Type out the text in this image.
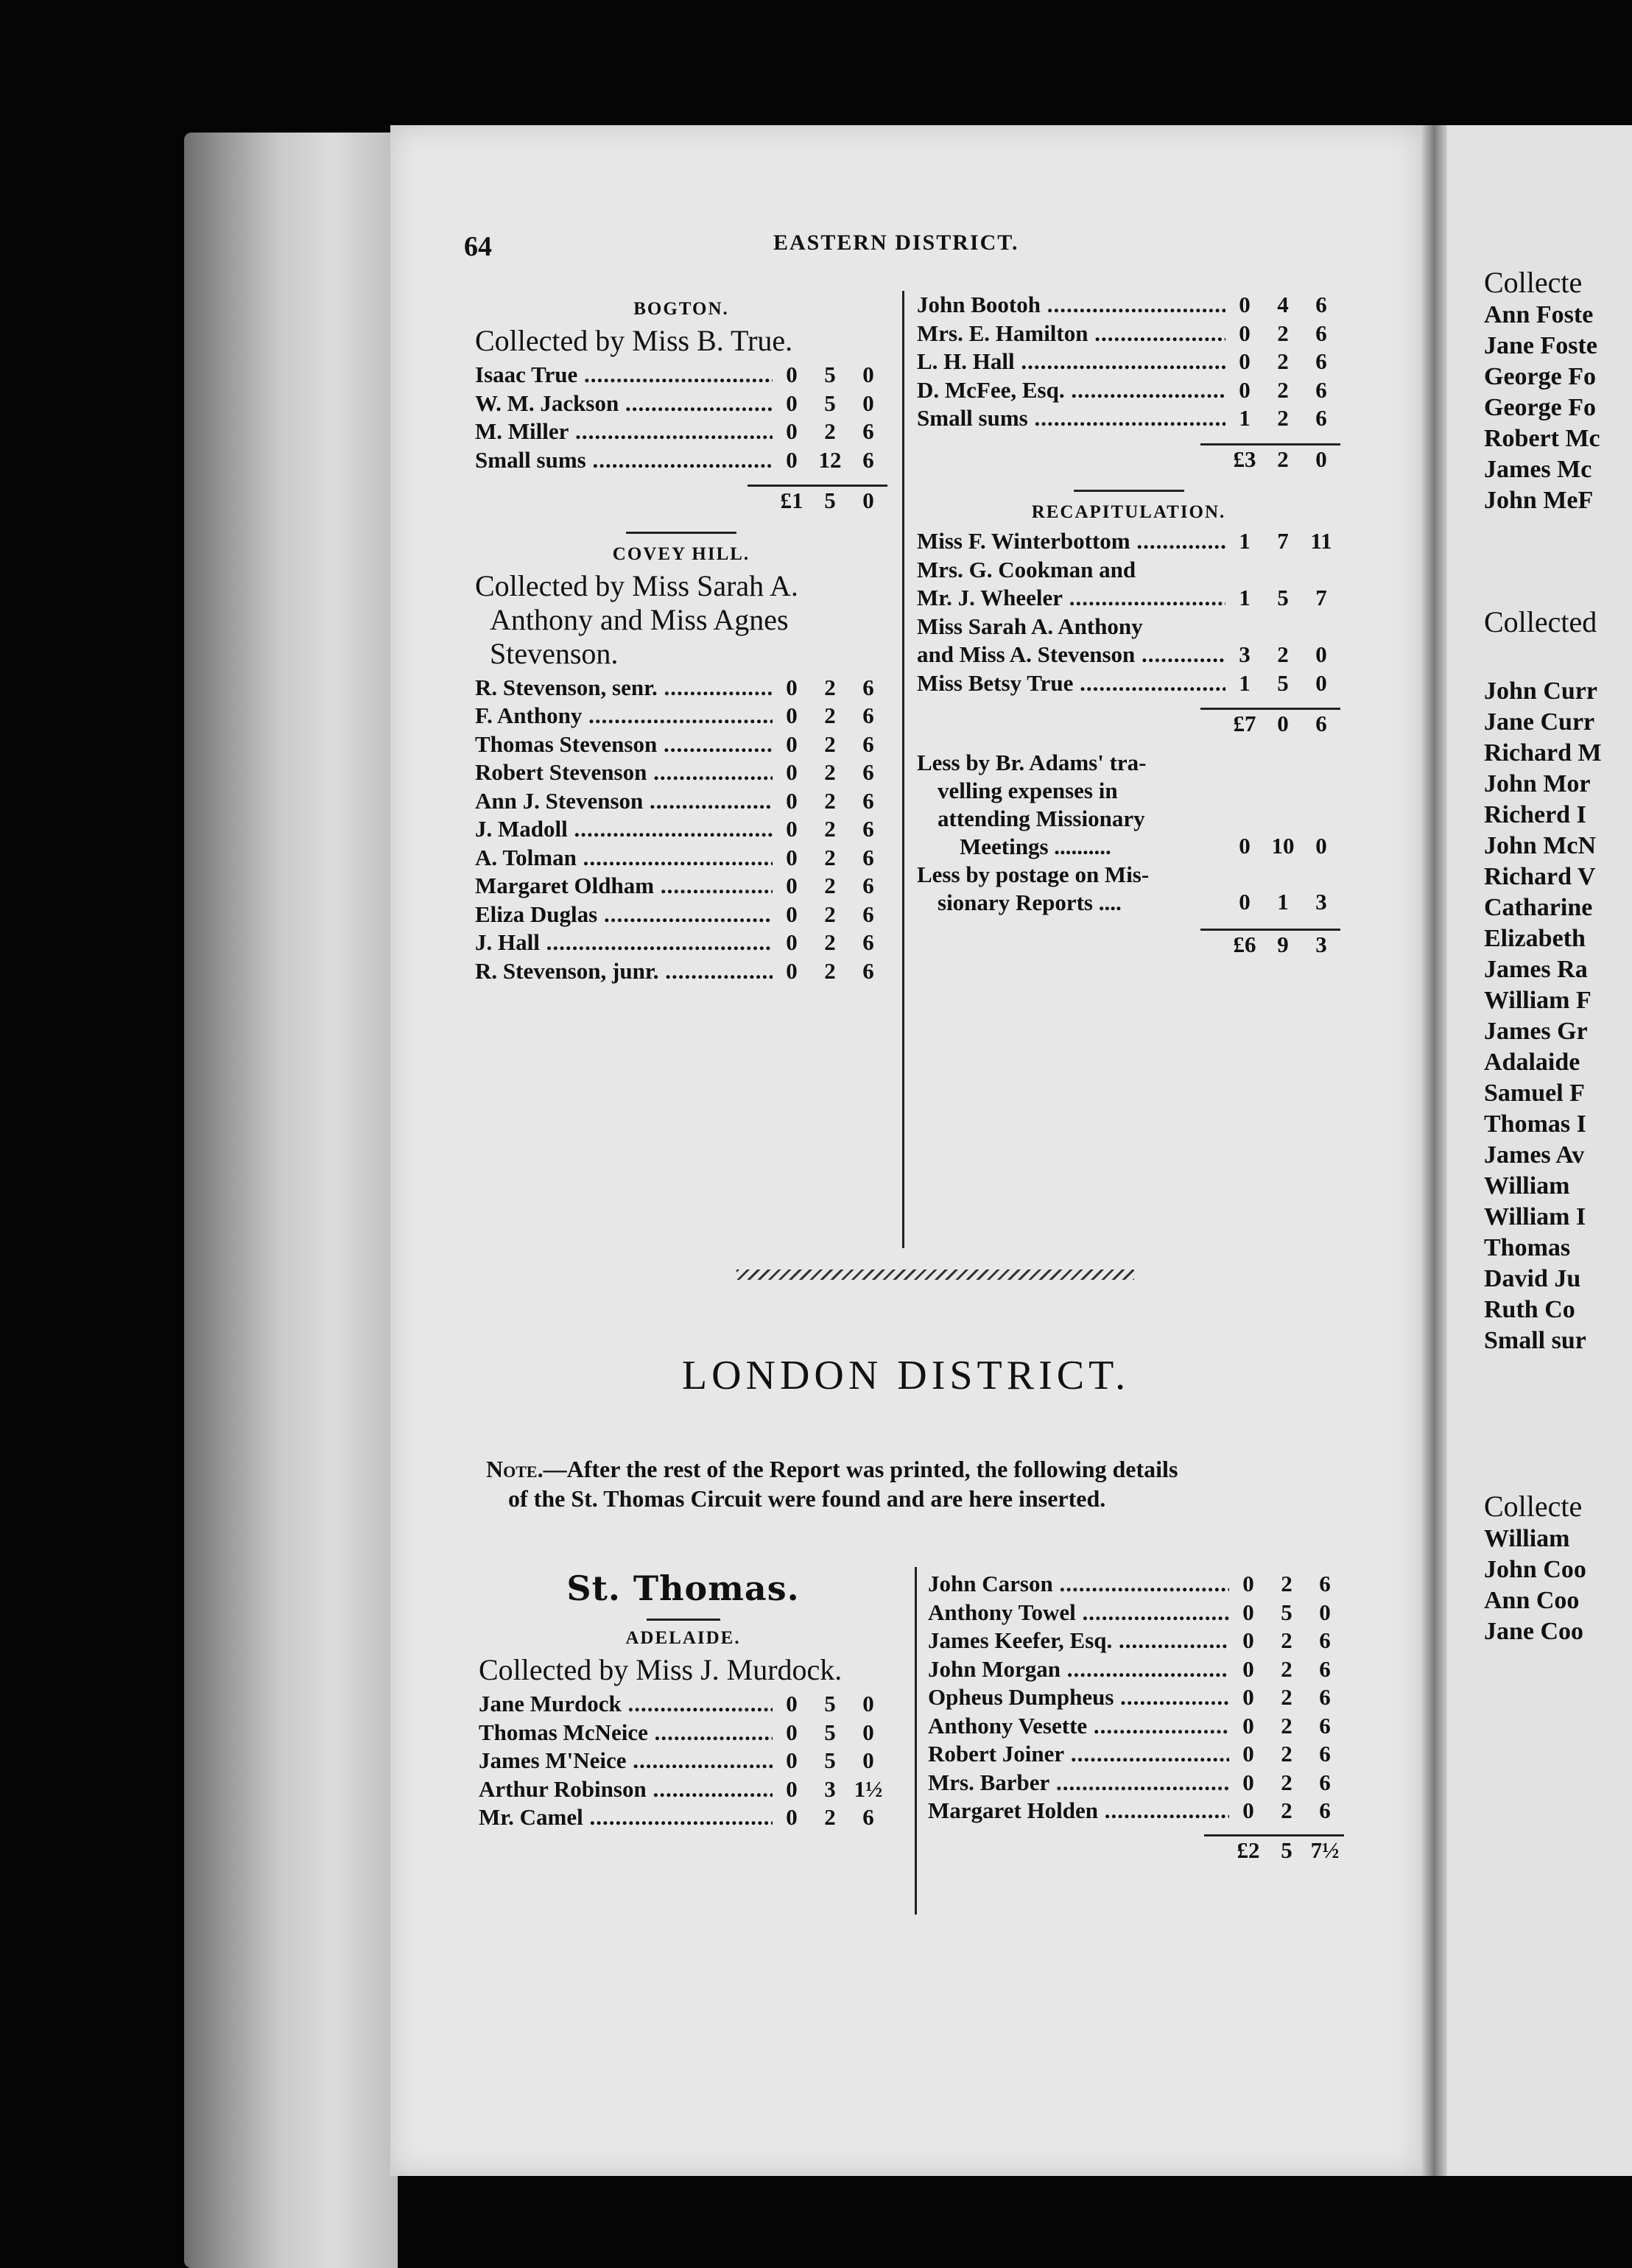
64	EASTERN DISTRICT.
BOGTON.
Collected by Miss B. True.
Isaac True .....	0	5	0
W. M. Jackson .....	0	5	0
M. Miller .....	0	2	6
Small sums .....	0 12 6
£1 5	0
COVEY HILL.
Collected by Miss Sarah A.
Anthony and Miss Agnes
Stevenson.
R. Stevenson, senr. .....	0	2	6
F. Anthony .....	0	2	6
Thomas Stevenson .....	0	2	6
Robert Stevenson .....	0	2	6
Ann J. Stevenson .....	0	2	6
J. Madoll .....	0	2	6
A. Tolman .....	0	2	6
Margaret Oldham .....	0	2	6
Eliza Duglas .....	0	2	6
J. Hall .....	0	2	6
R. Stevenson, junr. .....	0	2	6
John Bootoh .....	0	4	6
Mrs. E. Hamilton .....	0	2	6
L. H. Hall .....	0	2	6
D. McFee, Esq. .....	0	2	6
Small sums .....	1	2	6
£3 2	0
RECAPITULATION.
Miss F. Winterbottom .....	1	7 11
Mrs. G. Cookman and
Mr. J. Wheeler .....	1	5	7
Miss Sarah A. Anthony
and Miss A. Stevenson .....	3	2	0
Miss Betsy True .....	1	5	0
£7 0	6
Less by Br. Adams' tra-
velling expenses in
attending Missionary
Meetings ..........	0 10 0
Less by postage on Mis-
sionary Reports ....	0	1	3
£6 9	3
LONDON DISTRICT.
Note.—After the rest of the Report was printed, the following details
of the St. Thomas Circuit were found and are here inserted.
St. Thomas.
ADELAIDE.
Collected by Miss J. Murdock.
Jane Murdock .....	0	5	0
Thomas McNeice .....	0	5	0
James M'Neice .....	0	5	0
Arthur Robinson .....	0	3 1½
Mr. Camel .....	0	2	6
John Carson .....	0	2	6
Anthony Towel .....	0	5	0
James Keefer, Esq. .....	0	2	6
John Morgan .....	0	2	6
Opheus Dumpheus .....	0	2	6
Anthony Vesette .....	0	2	6
Robert Joiner .....	0	2	6
Mrs. Barber .....	0	2	6
Margaret Holden .....	0	2	6
£2 5 7½
Collecte
Ann Foste
Jane Foste
George Fo
George Fo
Robert Mc
James Mc
John MeF
Collected
John Curr
Jane Curr
Richard M
John Mor
Richerd I
John McN
Richard V
Catharine
Elizabeth
James Ra
William F
James Gr
Adalaide
Samuel F
Thomas I
James Av
William
William I
Thomas
David Ju
Ruth Co
Small sur
Collecte
William
John Coo
Ann Coo
Jane Coo
